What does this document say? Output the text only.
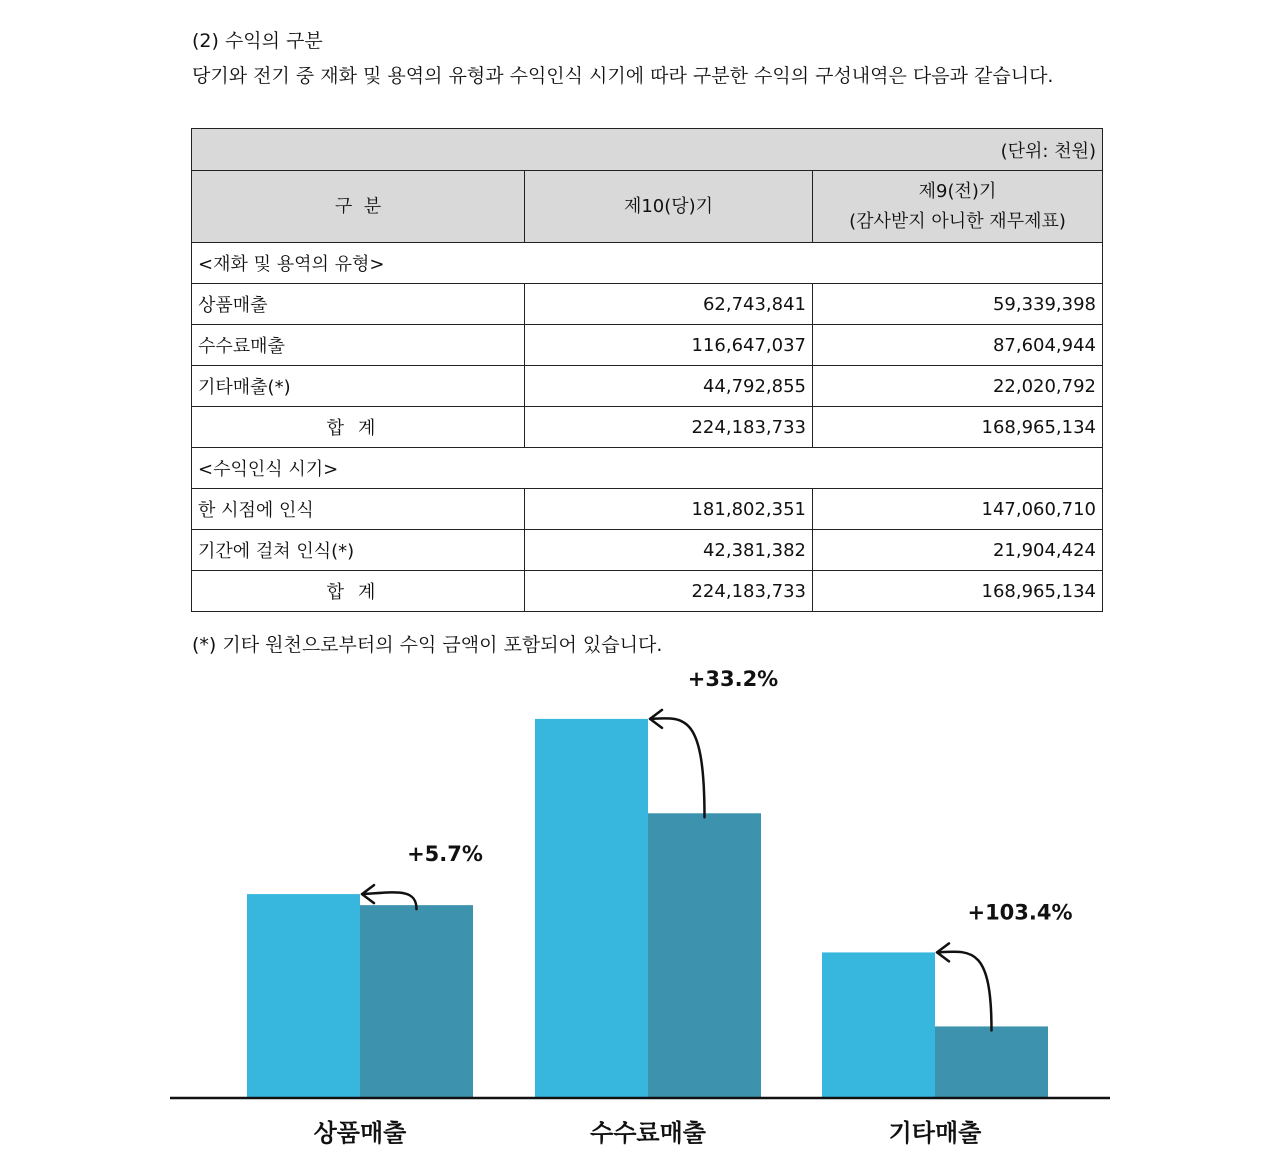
(2) 수익의 구분
당기와 전기 중 재화 및 용역의 유형과 수익인식 시기에 따라 구분한 수익의 구성내역은 다음과 같습니다.
(단위: 천원)		
구  분	제10(당)기	제9(전)기
(감사받지 아니한 재무제표)

<재화 및 용역의 유형>		
상품매출	62,743,841	59,339,398
수수료매출	116,647,037	87,604,944
기타매출(*)	44,792,855	22,020,792
합계	224,183,733	168,965,134
<수익인식 시기>		
한 시점에 인식	181,802,351	147,060,710
기간에 걸쳐 인식(*)	42,381,382	21,904,424
합계	224,183,733	168,965,134
(*) 기타 원천으로부터의 수익 금액이 포함되어 있습니다.
+5.7%
상품매출
+33.2%
수수료매출
+103.4%
기타매출
